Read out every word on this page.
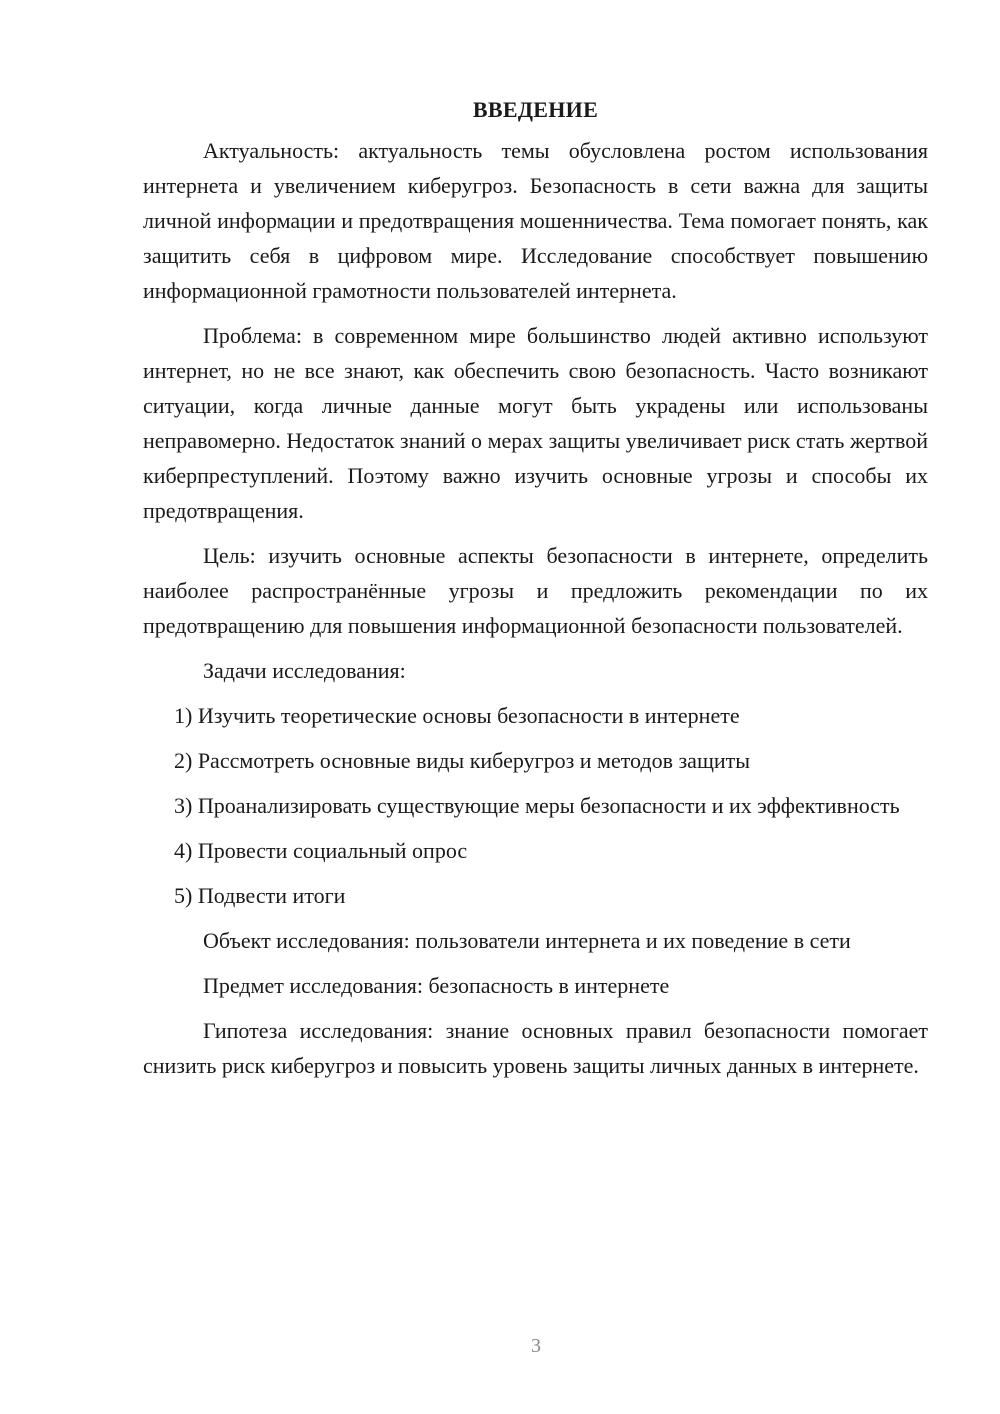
ВВЕДЕНИЕ
Актуальность: актуальность темы обусловлена ростом использования интернета и увеличением киберугроз. Безопасность в сети важна для защиты личной информации и предотвращения мошенничества. Тема помогает понять, как защитить себя в цифровом мире. Исследование способствует повышению информационной грамотности пользователей интернета.
Проблема: в современном мире большинство людей активно используют интернет, но не все знают, как обеспечить свою безопасность. Часто возникают ситуации, когда личные данные могут быть украдены или использованы неправомерно. Недостаток знаний о мерах защиты увеличивает риск стать жертвой киберпреступлений. Поэтому важно изучить основные угрозы и способы их предотвращения.
Цель: изучить основные аспекты безопасности в интернете, определить наиболее распространённые угрозы и предложить рекомендации по их предотвращению для повышения информационной безопасности пользователей.
Задачи исследования:
1) Изучить теоретические основы безопасности в интернете
2) Рассмотреть основные виды киберугроз и методов защиты
3) Проанализировать существующие меры безопасности и их эффективность
4) Провести социальный опрос
5) Подвести итоги
Объект исследования: пользователи интернета и их поведение в сети
Предмет исследования: безопасность в интернете
Гипотеза исследования: знание основных правил безопасности помогает снизить риск киберугроз и повысить уровень защиты личных данных в интернете.
3
